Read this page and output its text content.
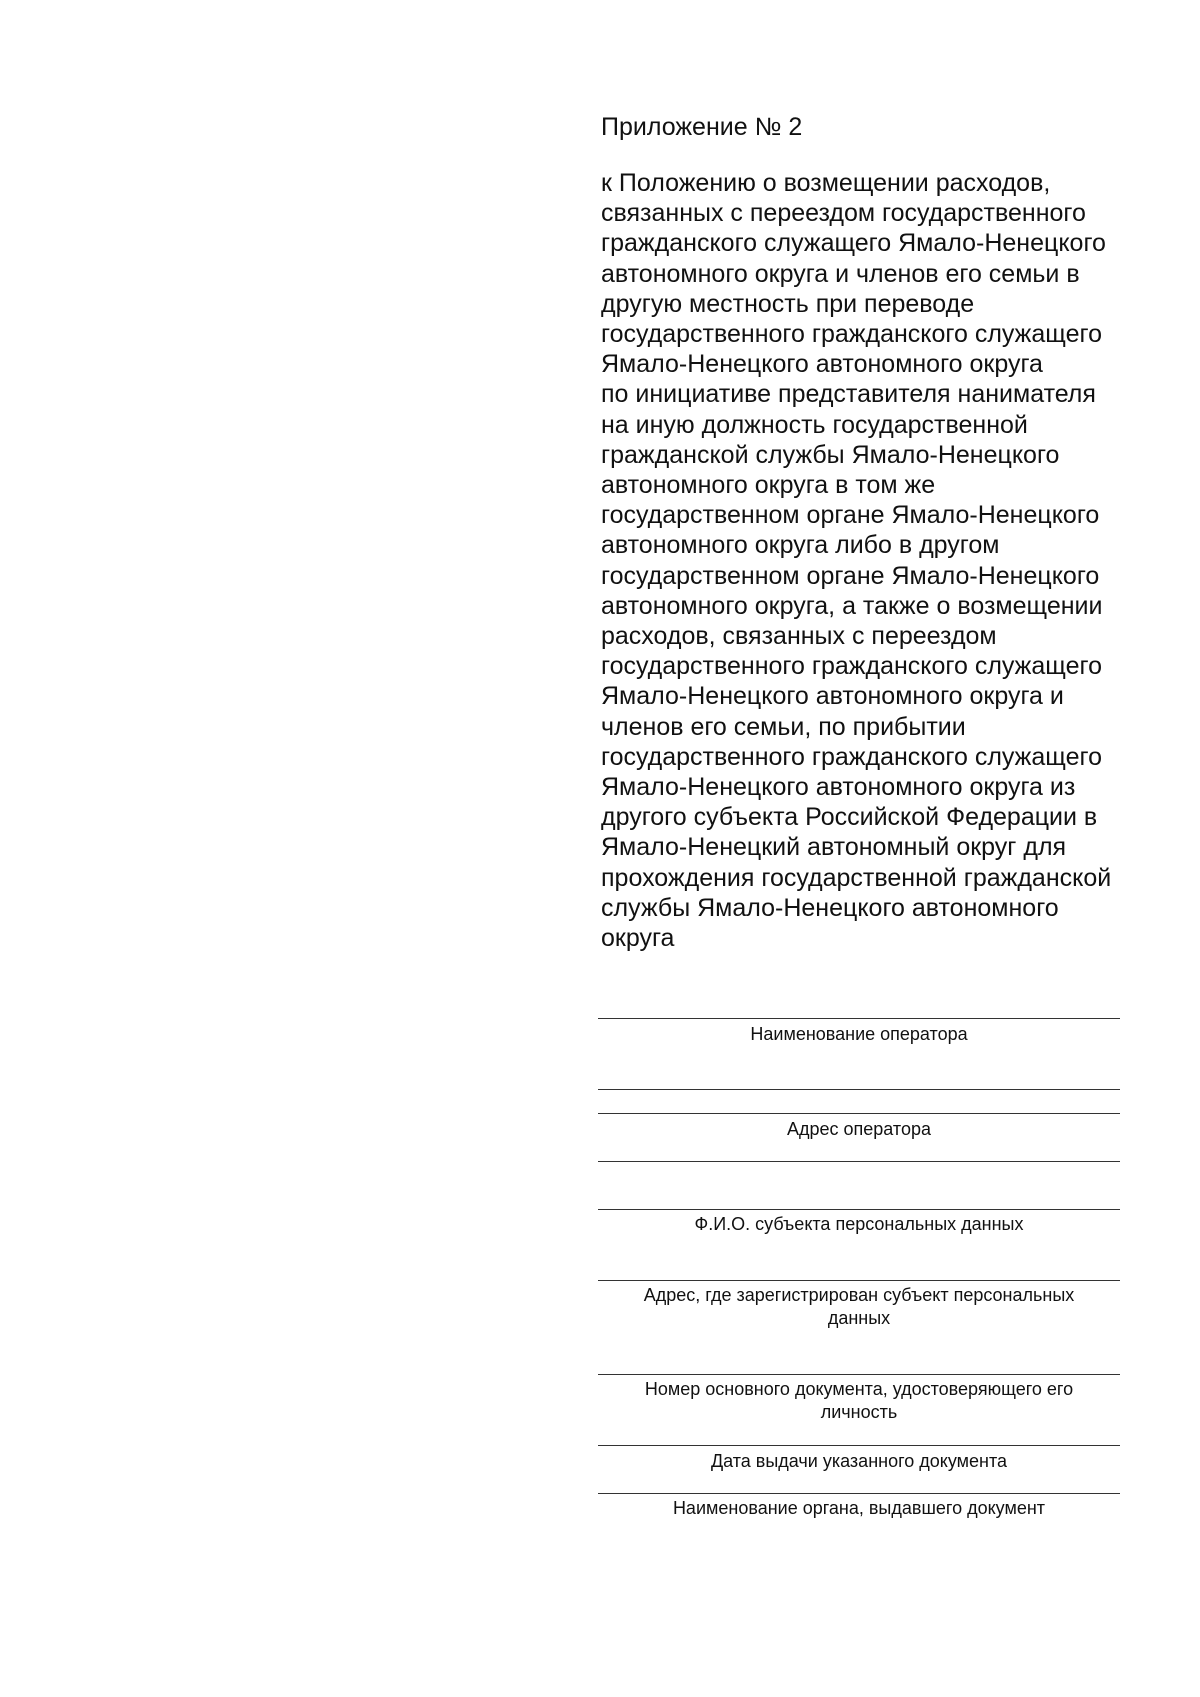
Приложение № 2
к Положению о возмещении расходов,
связанных с переездом государственного
гражданского служащего Ямало-Ненецкого
автономного округа и членов его семьи в
другую местность при переводе
государственного гражданского служащего
Ямало-Ненецкого автономного округа
по инициативе представителя нанимателя
на иную должность государственной
гражданской службы Ямало-Ненецкого
автономного округа в том же
государственном органе Ямало-Ненецкого
автономного округа либо в другом
государственном органе Ямало-Ненецкого
автономного округа, а также о возмещении
расходов, связанных с переездом
государственного гражданского служащего
Ямало-Ненецкого автономного округа и
членов его семьи, по прибытии
государственного гражданского служащего
Ямало-Ненецкого автономного округа из
другого субъекта Российской Федерации в
Ямало-Ненецкий автономный округ для
прохождения государственной гражданской
службы Ямало-Ненецкого автономного
округа
Наименование оператора
Адрес оператора
Ф.И.О. субъекта персональных данных
Адрес, где зарегистрирован субъект персональных
данных
Номер основного документа, удостоверяющего его
личность
Дата выдачи указанного документа
Наименование органа, выдавшего документ
